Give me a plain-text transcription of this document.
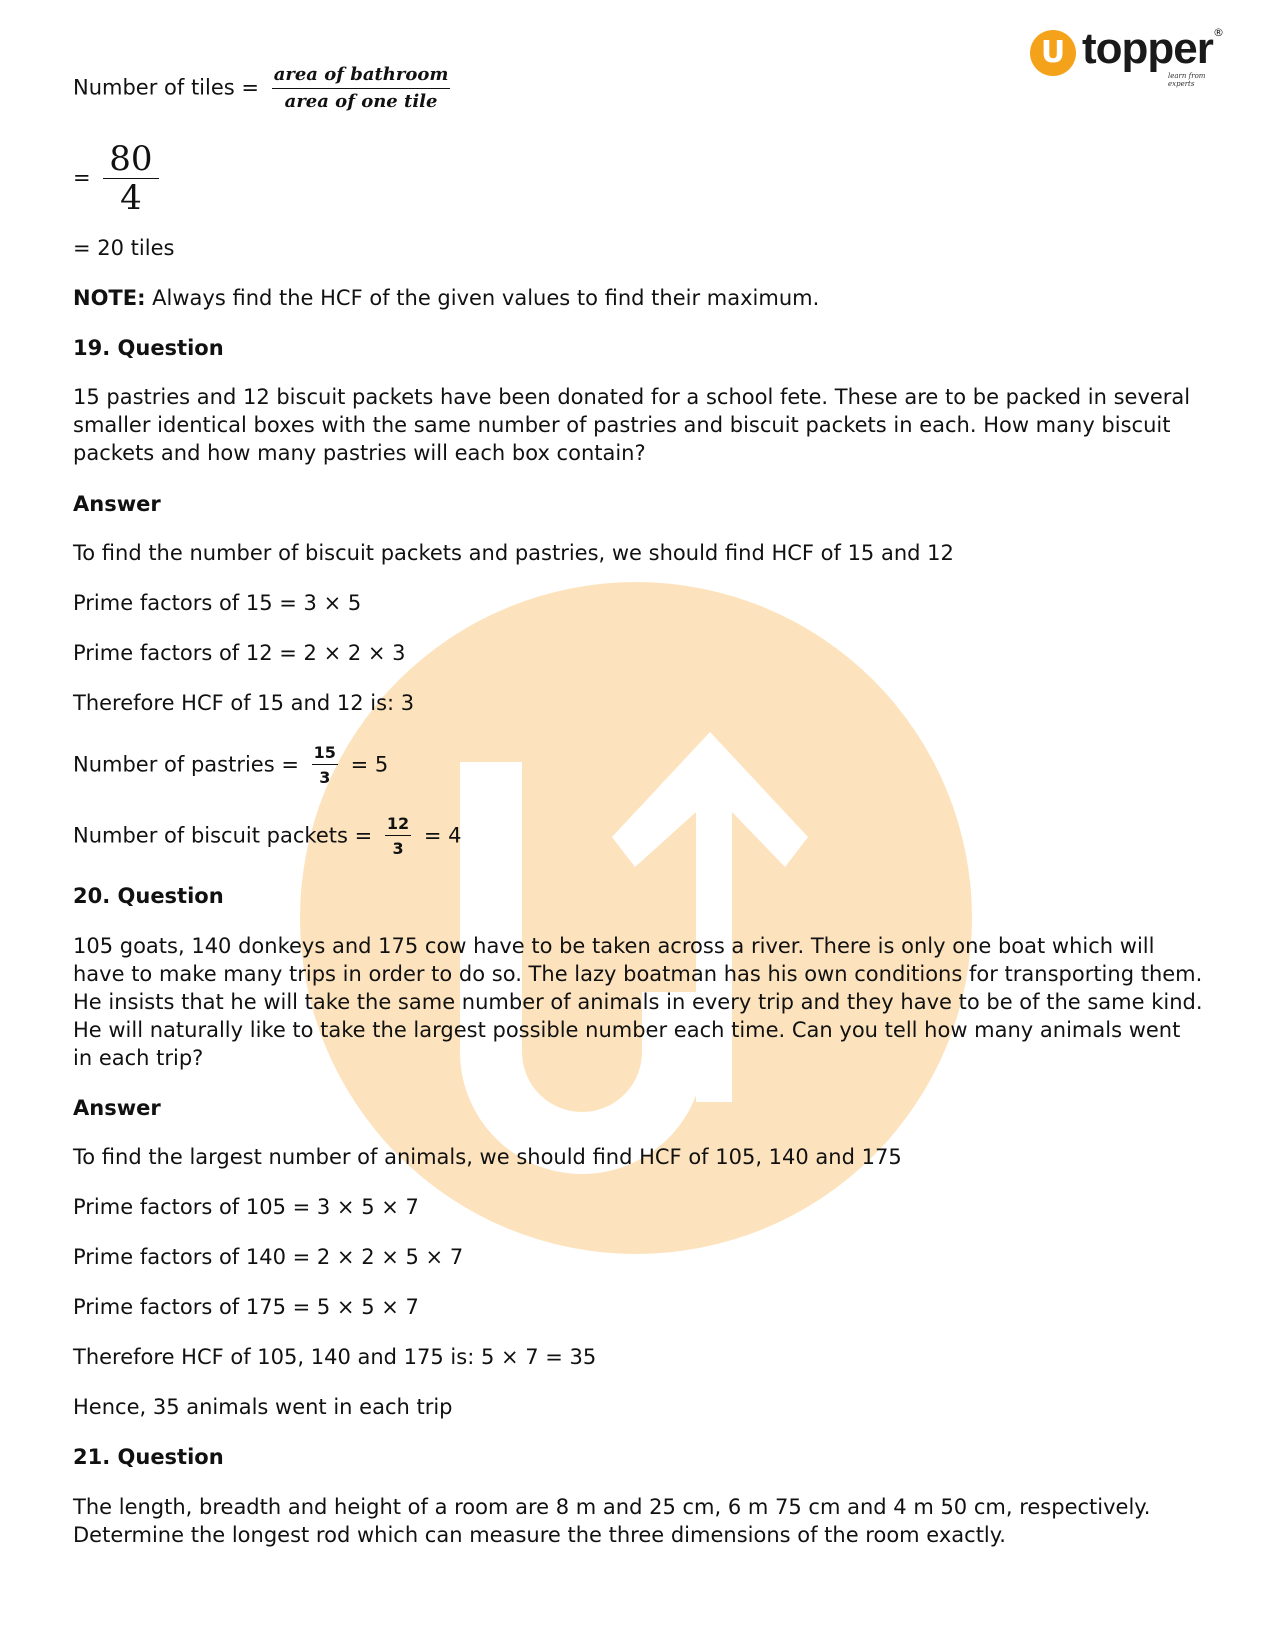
U topper ®
learn from experts
Number of tiles = $\frac{\text{area of bathroom}}{\text{area of one tile}}$
= $\frac{80}{4}$
= 20 tiles
NOTE: Always find the HCF of the given values to find their maximum.
19. Question
15 pastries and 12 biscuit packets have been donated for a school fete. These are to be packed in several smaller identical boxes with the same number of pastries and biscuit packets in each. How many biscuit packets and how many pastries will each box contain?
Answer
To find the number of biscuit packets and pastries, we should find HCF of 15 and 12
Prime factors of 15 = 3 × 5
Prime factors of 12 = 2 × 2 × 3
Therefore HCF of 15 and 12 is: 3
Number of pastries = $\frac{15}{3} = 5$
Number of biscuit packets = $\frac{12}{3} = 4$
20. Question
105 goats, 140 donkeys and 175 cow have to be taken across a river. There is only one boat which will have to make many trips in order to do so. The lazy boatman has his own conditions for transporting them. He insists that he will take the same number of animals in every trip and they have to be of the same kind. He will naturally like to take the largest possible number each time. Can you tell how many animals went in each trip?
Answer
To find the largest number of animals, we should find HCF of 105, 140 and 175
Prime factors of 105 = 3 × 5 × 7
Prime factors of 140 = 2 × 2 × 5 × 7
Prime factors of 175 = 5 × 5 × 7
Therefore HCF of 105, 140 and 175 is: 5 × 7 = 35
Hence, 35 animals went in each trip
21. Question
The length, breadth and height of a room are 8 m and 25 cm, 6 m 75 cm and 4 m 50 cm, respectively. Determine the longest rod which can measure the three dimensions of the room exactly.
